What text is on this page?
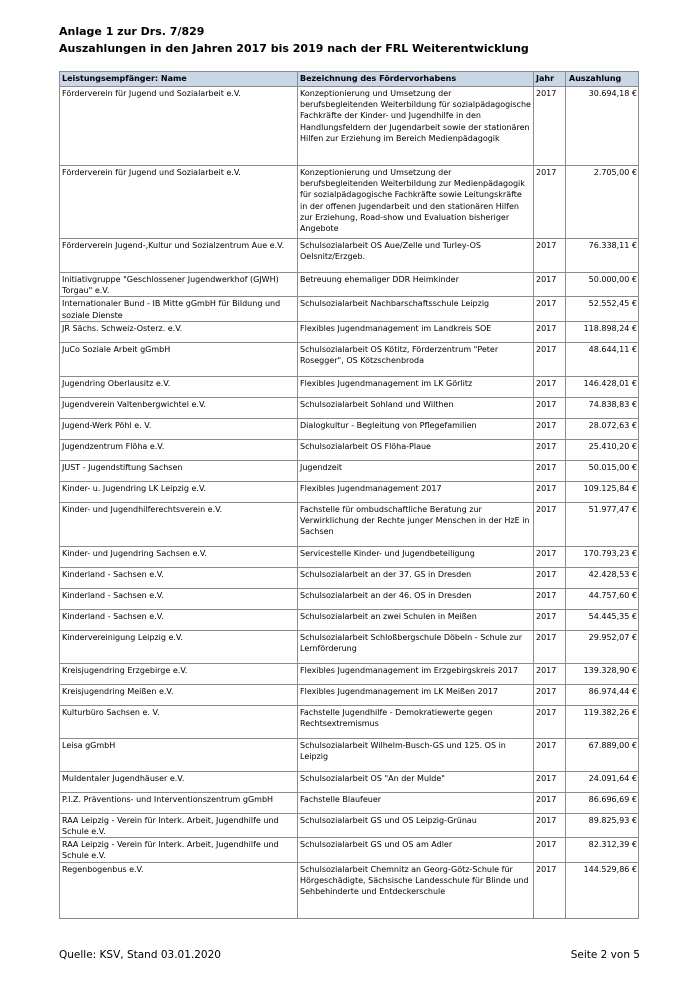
Anlage 1 zur Drs. 7/829
Auszahlungen in den Jahren 2017 bis 2019 nach der FRL Weiterentwicklung
Leistungsempfänger: Name	Bezeichnung des Fördervorhabens	Jahr	Auszahlung
Förderverein für Jugend und Sozialarbeit e.V.	Konzeptionierung und Umsetzung der berufsbegleitenden Weiterbildung für sozialpädagogische Fachkräfte der Kinder- und Jugendhilfe in den Handlungsfeldern der Jugendarbeit sowie der stationären Hilfen zur Erziehung im Bereich Medienpädagogik	2017	30.694,18 €
Förderverein für Jugend und Sozialarbeit e.V.	Konzeptionierung und Umsetzung der berufsbegleitenden Weiterbildung zur Medienpädagogik für sozialpädagogische Fachkräfte sowie Leitungskräfte in der offenen Jugendarbeit und den stationären Hilfen zur Erziehung, Road-show und Evaluation bisheriger Angebote	2017	2.705,00 €
Förderverein Jugend-,Kultur und Sozialzentrum Aue e.V.	Schulsozialarbeit OS Aue/Zelle und Turley-OS Oelsnitz/Erzgeb.	2017	76.338,11 €
Initiativgruppe "Geschlossener Jugendwerkhof (GJWH) Torgau" e.V.	Betreuung ehemaliger DDR Heimkinder	2017	50.000,00 €
Internationaler Bund - IB Mitte gGmbH für Bildung und soziale Dienste	Schulsozialarbeit Nachbarschaftsschule Leipzig	2017	52.552,45 €
JR Sächs. Schweiz-Osterz. e.V.	Flexibles Jugendmanagement im Landkreis SOE	2017	118.898,24 €
JuCo Soziale Arbeit gGmbH	Schulsozialarbeit OS Kötitz, Förderzentrum "Peter Rosegger", OS Kötzschenbroda	2017	48.644,11 €
Jugendring Oberlausitz e.V.	Flexibles Jugendmanagement im LK Görlitz	2017	146.428,01 €
Jugendverein Valtenbergwichtel e.V.	Schulsozialarbeit Sohland und Wilthen	2017	74.838,83 €
Jugend-Werk Pöhl e. V.	Dialogkultur - Begleitung von Pflegefamilien	2017	28.072,63 €
Jugendzentrum Flöha e.V.	Schulsozialarbeit OS Flöha-Plaue	2017	25.410,20 €
JUST - Jugendstiftung Sachsen	Jugendzeit	2017	50.015,00 €
Kinder- u. Jugendring LK Leipzig e.V.	Flexibles Jugendmanagement 2017	2017	109.125,84 €
Kinder- und Jugendhilferechtsverein e.V.	Fachstelle für ombudschaftliche Beratung zur Verwirklichung der Rechte junger Menschen in der HzE in Sachsen	2017	51.977,47 €
Kinder- und Jugendring Sachsen e.V.	Servicestelle Kinder- und Jugendbeteiligung	2017	170.793,23 €
Kinderland - Sachsen e.V.	Schulsozialarbeit an der 37. GS in Dresden	2017	42.428,53 €
Kinderland - Sachsen e.V.	Schulsozialarbeit an der 46. OS in Dresden	2017	44.757,60 €
Kinderland - Sachsen e.V.	Schulsozialarbeit an zwei Schulen in Meißen	2017	54.445,35 €
Kindervereinigung Leipzig e.V.	Schulsozialarbeit Schloßbergschule Döbeln - Schule zur Lernförderung	2017	29.952,07 €
Kreisjugendring Erzgebirge e.V.	Flexibles Jugendmanagement im Erzgebirgskreis 2017	2017	139.328,90 €
Kreisjugendring Meißen e.V.	Flexibles Jugendmanagement im LK Meißen 2017	2017	86.974,44 €
Kulturbüro Sachsen e. V.	Fachstelle Jugendhilfe - Demokratiewerte gegen Rechtsextremismus	2017	119.382,26 €
Leisa gGmbH	Schulsozialarbeit Wilhelm-Busch-GS und 125. OS in Leipzig	2017	67.889,00 €
Muldentaler Jugendhäuser e.V.	Schulsozialarbeit OS "An der Mulde"	2017	24.091,64 €
P.I.Z. Präventions- und Interventionszentrum gGmbH	Fachstelle Blaufeuer	2017	86.696,69 €
RAA Leipzig - Verein für Interk. Arbeit, Jugendhilfe und Schule e.V.	Schulsozialarbeit GS und OS Leipzig-Grünau	2017	89.825,93 €
RAA Leipzig - Verein für Interk. Arbeit, Jugendhilfe und Schule e.V.	Schulsozialarbeit GS und OS am Adler	2017	82.312,39 €
Regenbogenbus e.V.	Schulsozialarbeit Chemnitz an Georg-Götz-Schule für Hörgeschädigte, Sächsische Landesschule für Blinde und Sehbehinderte und Entdeckerschule	2017	144.529,86 €
Quelle: KSV, Stand 03.01.2020	Seite 2 von 5
